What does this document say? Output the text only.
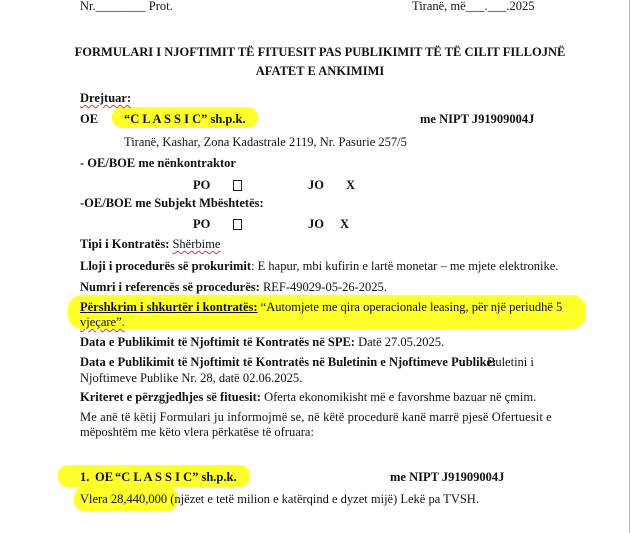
Nr.________ Prot.	Tiranë, më___.___.2025
FORMULARI I NJOFTIMIT TË FITUESIT PAS PUBLIKIMIT TË TË CILIT FILLOJNË
AFATET E ANKIMIMI
Drejtuar:
OE “C L A S S I C” sh.p.k.	me NIPT J91909004J
Tiranë, Kashar, Zona Kadastrale 2119, Nr. Pasurie 257/5
- OE/BOE me nënkontraktor
PO	JO X
-OE/BOE me Subjekt Mbështetës:
PO	JO X
Tipi i Kontratës: Shërbime
Lloji i procedurës së prokurimit: E hapur, mbi kufirin e lartë monetar – me mjete elektronike.
Numri i referencës së procedurës: REF-49029-05-26-2025.
Përshkrim i shkurtër i kontratës: “Automjete me qira operacionale leasing, për një periudhë 5
vjeçare”.
Data e Publikimit të Njoftimit të Kontratës në SPE: Datë 27.05.2025.
Data e Publikimit të Njoftimit të Kontratës në Buletinin e Njoftimeve Publike:
Buletini i
Njoftimeve Publike Nr. 28, datë 02.06.2025.
Kriteret e përzgjedhjes së fituesit: Oferta ekonomikisht më e favorshme bazuar në çmim.
Me anë të këtij Formulari ju informojmë se, në këtë procedurë kanë marrë pjesë Ofertuesit e
mëposhtëm me këto vlera përkatëse të ofruara:
1. OE “C L A S S I C” sh.p.k.	me NIPT J91909004J
Vlera 28,440,000 (njëzet e tetë milion e katërqind e dyzet mijë) Lekë pa TVSH.
